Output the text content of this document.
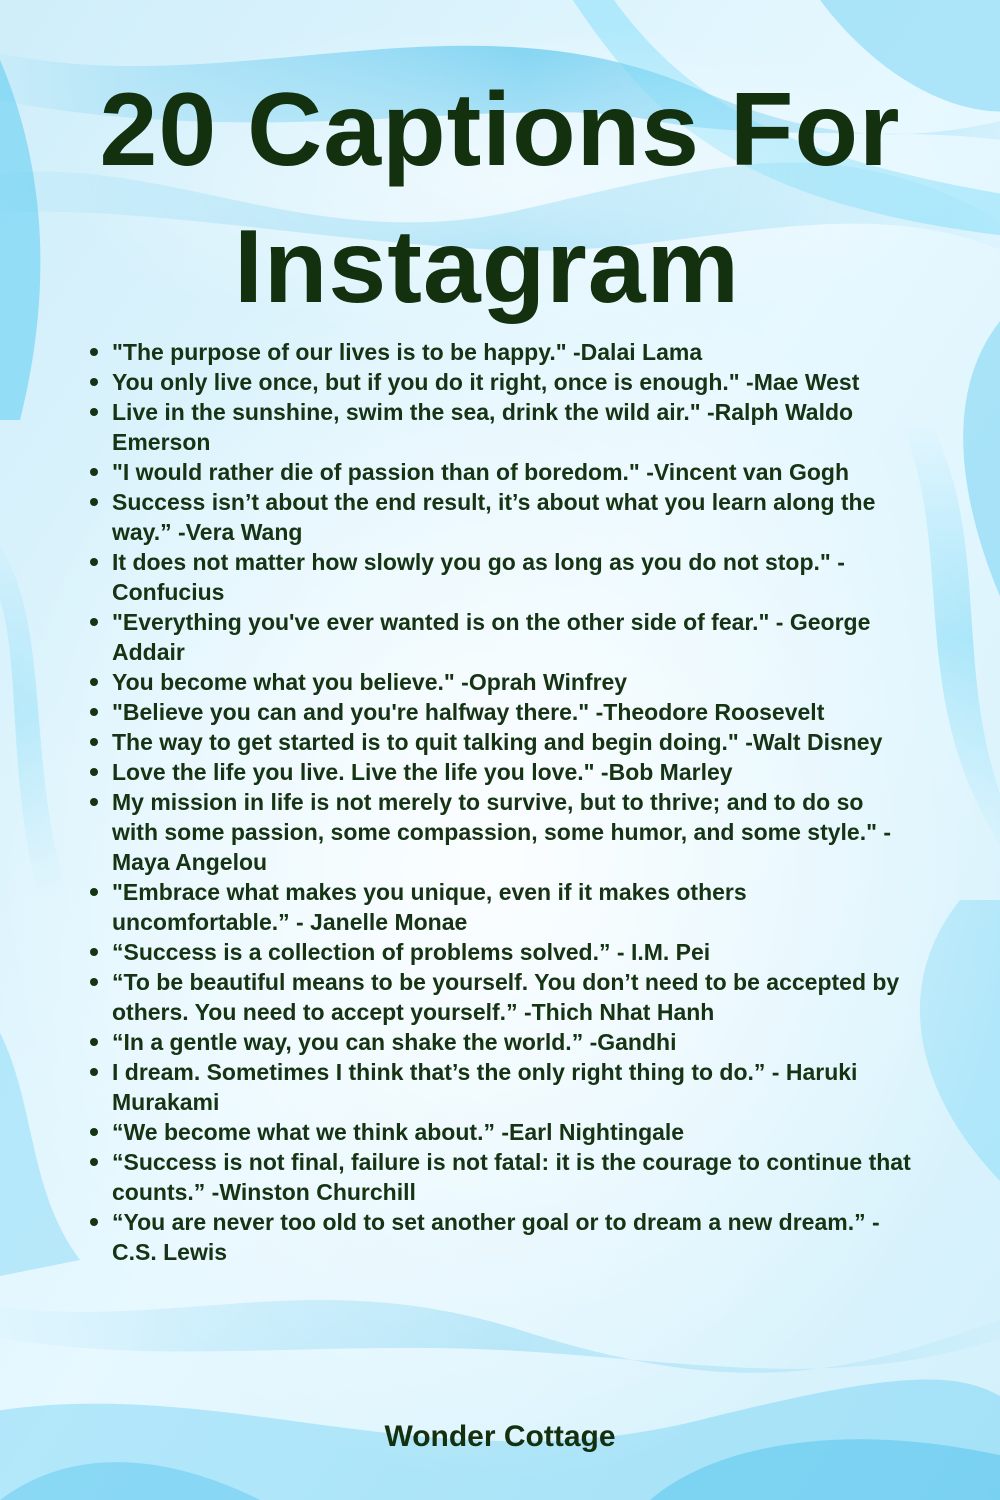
20 Captions For
Instagram
"The purpose of our lives is to be happy." -Dalai Lama
You only live once, but if you do it right, once is enough." -Mae West
Live in the sunshine, swim the sea, drink the wild air." -Ralph Waldo Emerson
"I would rather die of passion than of boredom." -Vincent van Gogh
Success isn’t about the end result, it’s about what you learn along the way.” -Vera Wang
It does not matter how slowly you go as long as you do not stop." -Confucius
"Everything you've ever wanted is on the other side of fear." - George Addair
You become what you believe." -Oprah Winfrey
"Believe you can and you're halfway there." -Theodore Roosevelt
The way to get started is to quit talking and begin doing." -Walt Disney
Love the life you live. Live the life you love." -Bob Marley
My mission in life is not merely to survive, but to thrive; and to do so with some passion, some compassion, some humor, and some style." -Maya Angelou
"Embrace what makes you unique, even if it makes others uncomfortable.” - Janelle Monae
“Success is a collection of problems solved.” - I.M. Pei
“To be beautiful means to be yourself. You don’t need to be accepted by others. You need to accept yourself.” -Thich Nhat Hanh
“In a gentle way, you can shake the world.” -Gandhi
I dream. Sometimes I think that’s the only right thing to do.” - Haruki Murakami
“We become what we think about.” -Earl Nightingale
“Success is not final, failure is not fatal: it is the courage to continue that counts.” -Winston Churchill
“You are never too old to set another goal or to dream a new dream.” -C.S. Lewis
Wonder Cottage
